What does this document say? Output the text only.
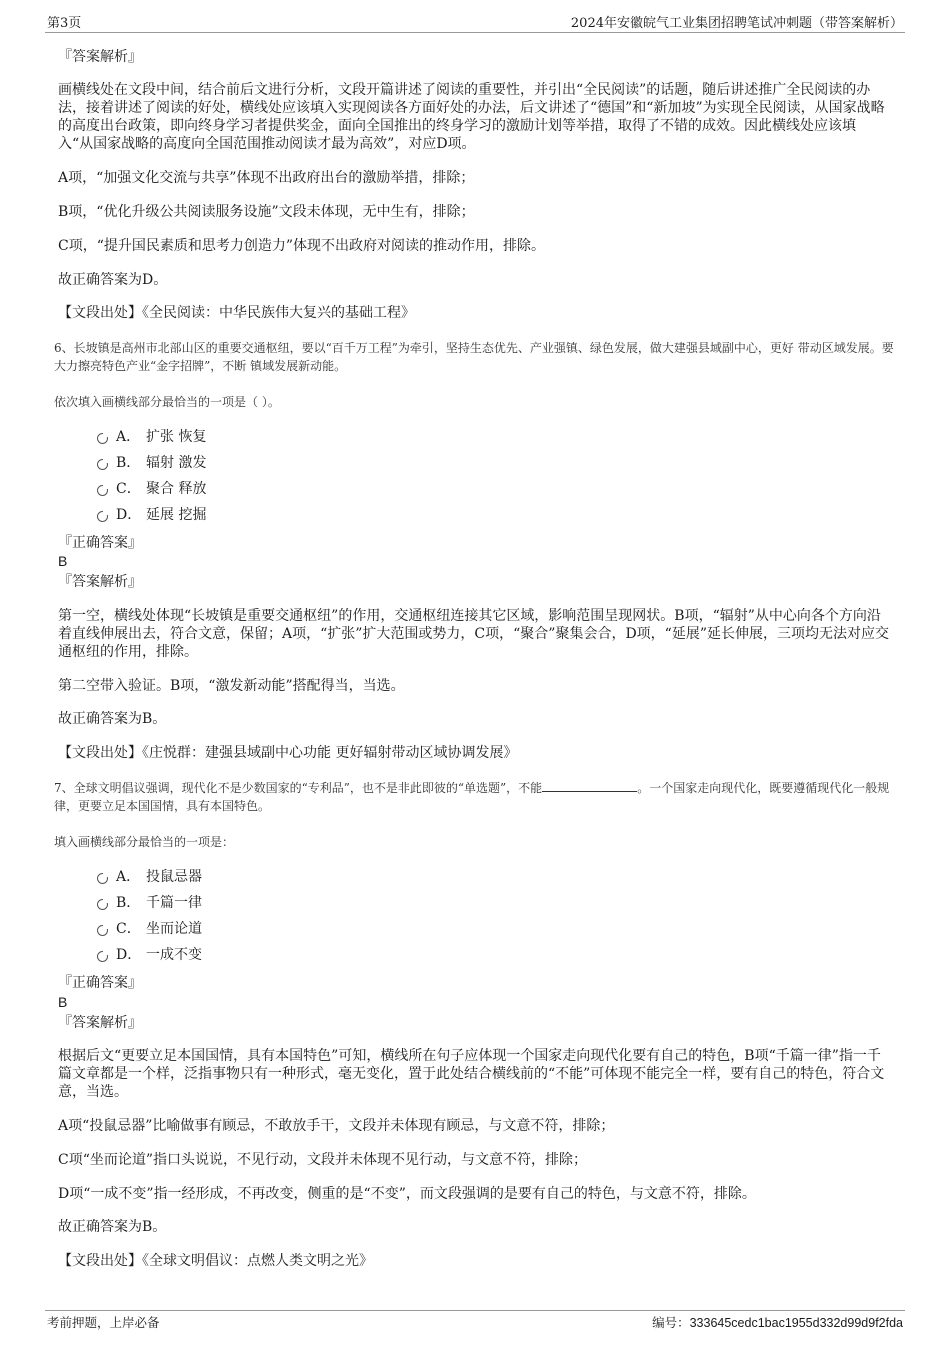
第3页	2024年安徽皖气工业集团招聘笔试冲刺题（带答案解析）
『答案解析』

画横线处在文段中间，结合前后文进行分析，文段开篇讲述了阅读的重要性，并引出“全民阅读”的话题，随后讲述推广全民阅读的办法，接着讲述了阅读的好处，横线处应该填入实现阅读各方面好处的办法，后文讲述了“德国”和“新加坡”为实现全民阅读，从国家战略的高度出台政策，即向终身学习者提供奖金，面向全国推出的终身学习的激励计划等举措，取得了不错的成效。因此横线处应该填入“从国家战略的高度向全国范围推动阅读才最为高效”，对应D项。

A项，“加强文化交流与共享”体现不出政府出台的激励举措，排除；

B项，“优化升级公共阅读服务设施”文段未体现，无中生有，排除；

C项，“提升国民素质和思考力创造力”体现不出政府对阅读的推动作用，排除。

故正确答案为D。

【文段出处】《全民阅读：中华民族伟大复兴的基础工程》

6、长坡镇是高州市北部山区的重要交通枢纽，要以“百千万工程”为牵引，坚持生态优先、产业强镇、绿色发展，做大建强县域副中心，更好 带动区域发展。要大力擦亮特色产业“金字招牌”，不断 镇域发展新动能。

依次填入画横线部分最恰当的一项是（ ）。
A． 扩张 恢复
B． 辐射 激发
C． 聚合 释放
D． 延展 挖掘
『正确答案』
B
『答案解析』

第一空，横线处体现“长坡镇是重要交通枢纽”的作用，交通枢纽连接其它区域，影响范围呈现网状。B项，“辐射”从中心向各个方向沿着直线伸展出去，符合文意，保留；A项，“扩张”扩大范围或势力，C项，“聚合”聚集会合，D项，“延展”延长伸展，三项均无法对应交通枢纽的作用，排除。

第二空带入验证。B项，“激发新动能”搭配得当，当选。

故正确答案为B。

【文段出处】《庄悦群：建强县域副中心功能 更好辐射带动区域协调发展》

7、全球文明倡议强调，现代化不是少数国家的“专利品”，也不是非此即彼的“单选题”，不能	。一个国家走向现代化，既要遵循现代化一般规律，更要立足本国国情，具有本国特色。

填入画横线部分最恰当的一项是：
A． 投鼠忌器
B． 千篇一律
C． 坐而论道
D． 一成不变
『正确答案』
B
『答案解析』

根据后文“更要立足本国国情，具有本国特色”可知，横线所在句子应体现一个国家走向现代化要有自己的特色，B项“千篇一律”指一千篇文章都是一个样，泛指事物只有一种形式，毫无变化，置于此处结合横线前的“不能”可体现不能完全一样，要有自己的特色，符合文意，当选。

A项“投鼠忌器”比喻做事有顾忌，不敢放手干，文段并未体现有顾忌，与文意不符，排除；

C项“坐而论道”指口头说说，不见行动，文段并未体现不见行动，与文意不符，排除；

D项“一成不变”指一经形成，不再改变，侧重的是“不变”，而文段强调的是要有自己的特色，与文意不符，排除。

故正确答案为B。

【文段出处】《全球文明倡议：点燃人类文明之光》

考前押题，上岸必备	编号：333645cedc1bac1955d332d99d9f2fda
